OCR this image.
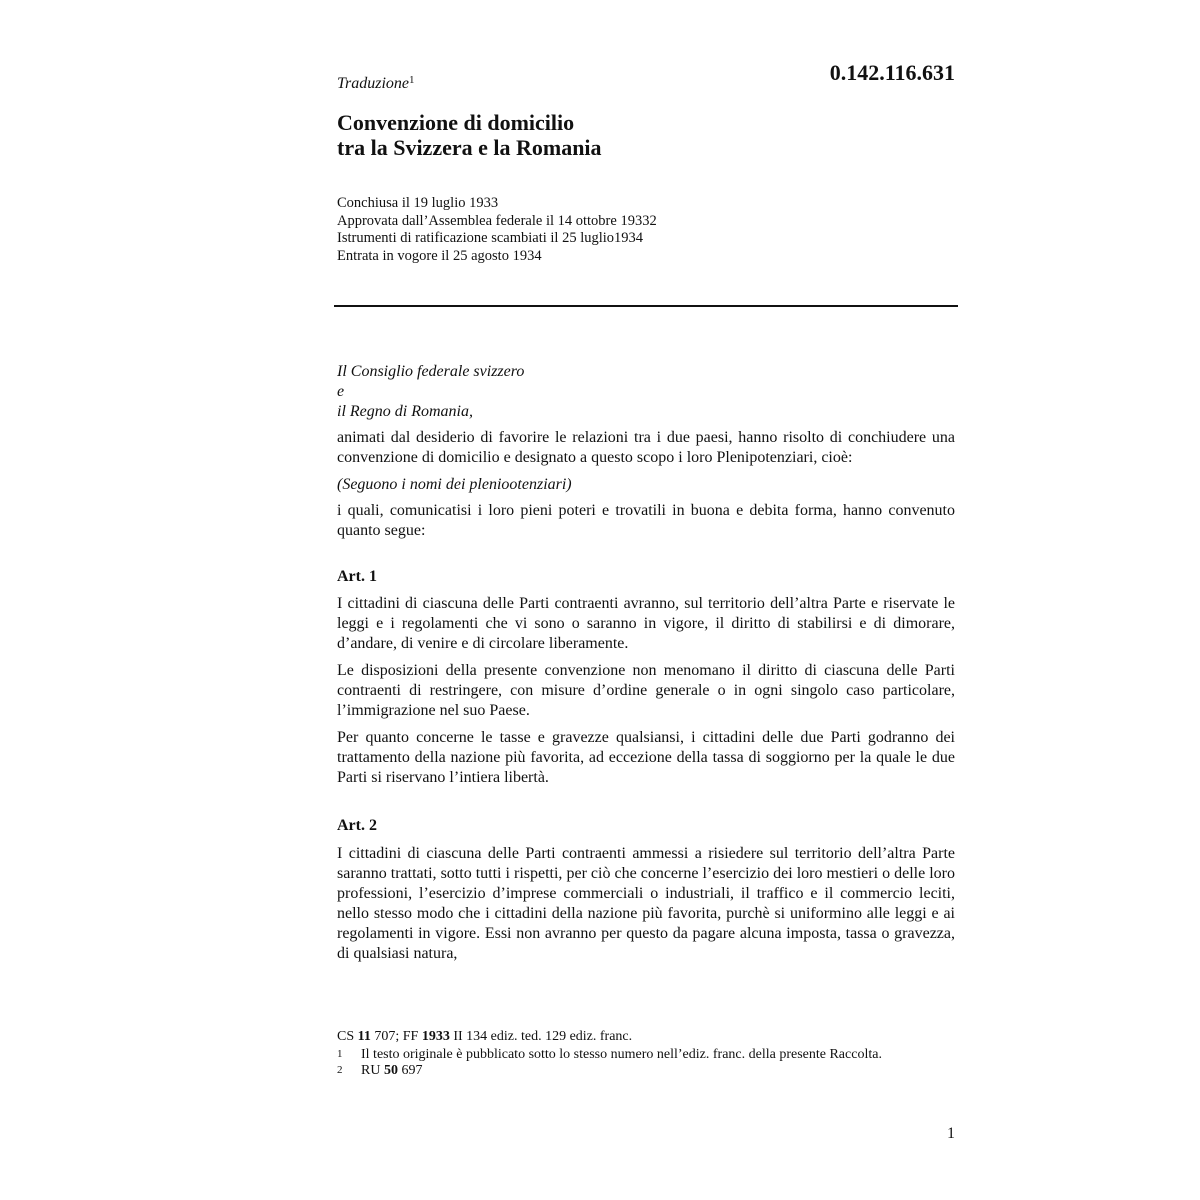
0.142.116.631
Traduzione$^1$
Convenzione di domicilio
tra la Svizzera e la Romania
Conchiusa il 19 luglio 1933
Approvata dall’Assemblea federale il 14 ottobre 19332
Istrumenti di ratificazione scambiati il 25 luglio1934
Entrata in vogore il 25 agosto 1934

Il Consiglio federale svizzero

e

il Regno di Romania,

animati dal desiderio di favorire le relazioni tra i due paesi, hanno risolto di conchiudere una convenzione di domicilio e designato a questo scopo i loro Plenipotenziari, cioè:

(Seguono i nomi dei pleniootenziari)

i quali, comunicatisi i loro pieni poteri e trovatili in buona e debita forma, hanno convenuto quanto segue:

Art. 1

I cittadini di ciascuna delle Parti contraenti avranno, sul territorio dell’altra Parte e riservate le leggi e i regolamenti che vi sono o saranno in vigore, il diritto di stabilirsi e di dimorare, d’andare, di venire e di circolare liberamente.

Le disposizioni della presente convenzione non menomano il diritto di ciascuna delle Parti contraenti di restringere, con misure d’ordine generale o in ogni singolo caso particolare, l’immigrazione nel suo Paese.

Per quanto concerne le tasse e gravezze qualsiansi, i cittadini delle due Parti godranno dei trattamento della nazione più favorita, ad eccezione della tassa di soggiorno per la quale le due Parti si riservano l’intiera libertà.

Art. 2

I cittadini di ciascuna delle Parti contraenti ammessi a risiedere sul territorio dell’altra Parte saranno trattati, sotto tutti i rispetti, per ciò che concerne l’esercizio dei loro mestieri o delle loro professioni, l’esercizio d’imprese commerciali o industriali, il traffico e il commercio leciti, nello stesso modo che i cittadini della nazione più favorita, purchè si uniformino alle leggi e ai regolamenti in vigore. Essi non avranno per questo da pagare alcuna imposta, tassa o gravezza, di qualsiasi natura,

CS 11 707; FF 1933 II 134 ediz. ted. 129 ediz. franc.

1	Il testo originale è pubblicato sotto lo stesso numero nell’ediz. franc. della presente Raccolta.
2	RU 50 697
1
